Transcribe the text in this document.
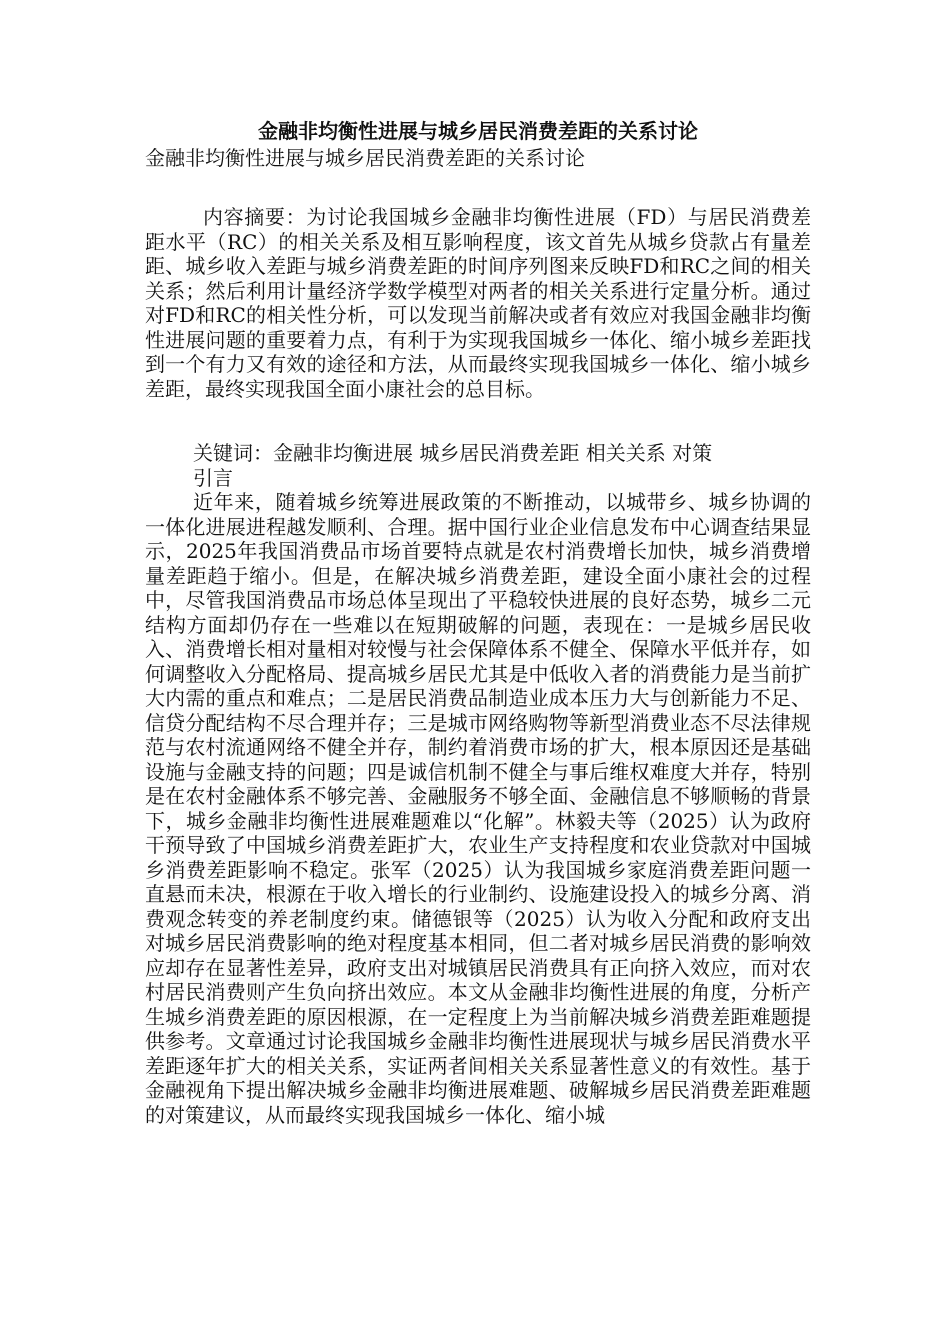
金融非均衡性进展与城乡居民消费差距的关系讨论

金融非均衡性进展与城乡居民消费差距的关系讨论

内容摘要：为讨论我国城乡金融非均衡性进展（FD）与居民消费差距水平（RC）的相关关系及相互影响程度，该文首先从城乡贷款占有量差距、城乡收入差距与城乡消费差距的时间序列图来反映FD和RC之间的相关关系；然后利用计量经济学数学模型对两者的相关关系进行定量分析。通过对FD和RC的相关性分析，可以发现当前解决或者有效应对我国金融非均衡性进展问题的重要着力点，有利于为实现我国城乡一体化、缩小城乡差距找到一个有力又有效的途径和方法，从而最终实现我国城乡一体化、缩小城乡差距，最终实现我国全面小康社会的总目标。

关键词：金融非均衡进展 城乡居民消费差距 相关关系 对策

引言

近年来，随着城乡统筹进展政策的不断推动，以城带乡、城乡协调的一体化进展进程越发顺利、合理。据中国行业企业信息发布中心调查结果显示，2025年我国消费品市场首要特点就是农村消费增长加快，城乡消费增量差距趋于缩小。但是，在解决城乡消费差距，建设全面小康社会的过程中，尽管我国消费品市场总体呈现出了平稳较快进展的良好态势，城乡二元结构方面却仍存在一些难以在短期破解的问题，表现在：一是城乡居民收入、消费增长相对量相对较慢与社会保障体系不健全、保障水平低并存，如何调整收入分配格局、提高城乡居民尤其是中低收入者的消费能力是当前扩大内需的重点和难点；二是居民消费品制造业成本压力大与创新能力不足、信贷分配结构不尽合理并存；三是城市网络购物等新型消费业态不尽法律规范与农村流通网络不健全并存，制约着消费市场的扩大，根本原因还是基础设施与金融支持的问题；四是诚信机制不健全与事后维权难度大并存，特别是在农村金融体系不够完善、金融服务不够全面、金融信息不够顺畅的背景下，城乡金融非均衡性进展难题难以“化解”。林毅夫等（2025）认为政府干预导致了中国城乡消费差距扩大，农业生产支持程度和农业贷款对中国城乡消费差距影响不稳定。张军（2025）认为我国城乡家庭消费差距问题一直悬而未决，根源在于收入增长的行业制约、设施建设投入的城乡分离、消费观念转变的养老制度约束。储德银等（2025）认为收入分配和政府支出对城乡居民消费影响的绝对程度基本相同，但二者对城乡居民消费的影响效应却存在显著性差异，政府支出对城镇居民消费具有正向挤入效应，而对农村居民消费则产生负向挤出效应。本文从金融非均衡性进展的角度，分析产生城乡消费差距的原因根源，在一定程度上为当前解决城乡消费差距难题提供参考。文章通过讨论我国城乡金融非均衡性进展现状与城乡居民消费水平差距逐年扩大的相关关系，实证两者间相关关系显著性意义的有效性。基于金融视角下提出解决城乡金融非均衡进展难题、破解城乡居民消费差距难题的对策建议，从而最终实现我国城乡一体化、缩小城
